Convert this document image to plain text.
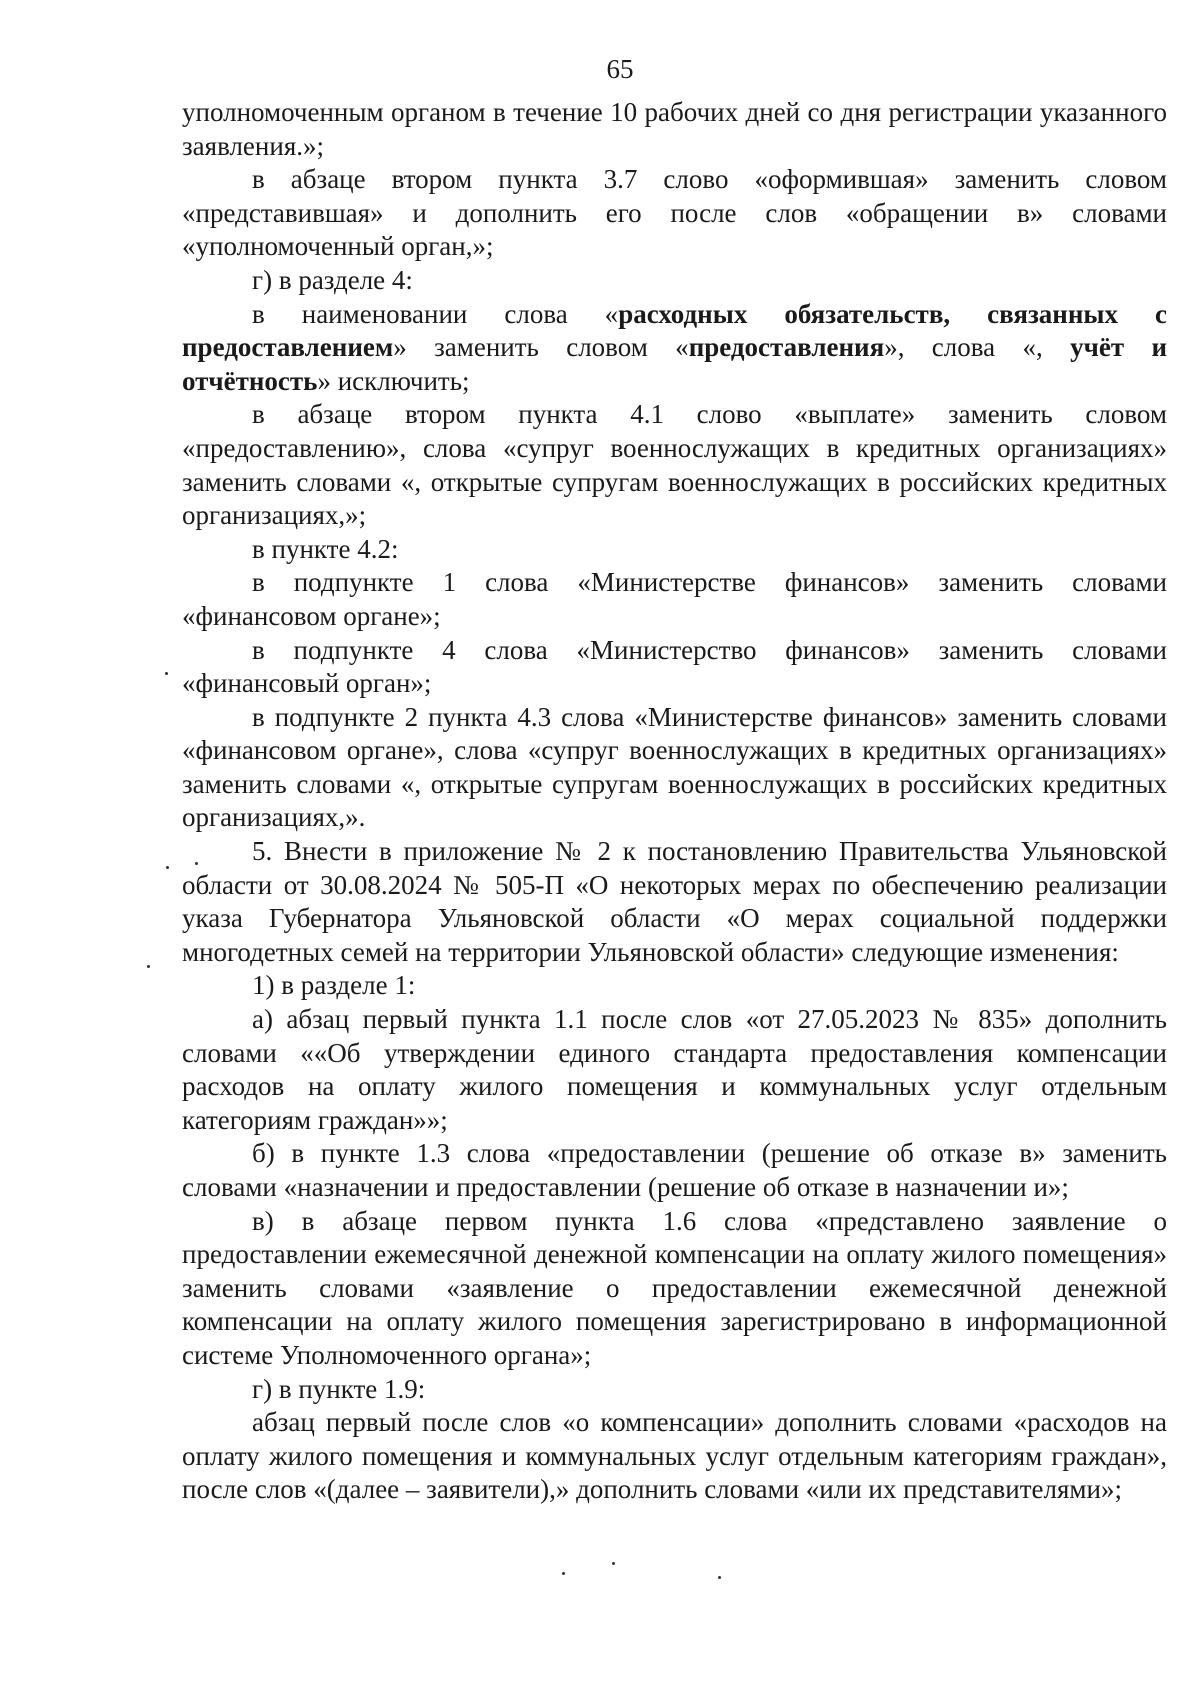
65

уполномоченным органом в течение 10 рабочих дней со дня регистрации указанного заявления.»;

в абзаце втором пункта 3.7 слово «оформившая» заменить словом «представившая» и дополнить его после слов «обращении в» словами «уполномоченный орган,»;

г) в разделе 4:

в наименовании слова «расходных обязательств, связанных с предоставлением» заменить словом «предоставления», слова «, учёт и отчётность» исключить;

в абзаце втором пункта 4.1 слово «выплате» заменить словом «предоставлению», слова «супруг военнослужащих в кредитных организациях» заменить словами «, открытые супругам военнослужащих в российских кредитных организациях,»;

в пункте 4.2:

в подпункте 1 слова «Министерстве финансов» заменить словами «финансовом органе»;

в подпункте 4 слова «Министерство финансов» заменить словами «финансовый орган»;

в подпункте 2 пункта 4.3 слова «Министерстве финансов» заменить словами «финансовом органе», слова «супруг военнослужащих в кредитных организациях» заменить словами «, открытые супругам военнослужащих в российских кредитных организациях,».

5. Внести в приложение № 2 к постановлению Правительства Ульяновской области от 30.08.2024 № 505-П «О некоторых мерах по обеспечению реализации указа Губернатора Ульяновской области «О мерах социальной поддержки многодетных семей на территории Ульяновской области» следующие изменения:

1) в разделе 1:

а) абзац первый пункта 1.1 после слов «от 27.05.2023 № 835» дополнить словами ««Об утверждении единого стандарта предоставления компенсации расходов на оплату жилого помещения и коммунальных услуг отдельным категориям граждан»»;

б) в пункте 1.3 слова «предоставлении (решение об отказе в» заменить словами «назначении и предоставлении (решение об отказе в назначении и»;

в) в абзаце первом пункта 1.6 слова «представлено заявление о предоставлении ежемесячной денежной компенсации на оплату жилого помещения» заменить словами «заявление о предоставлении ежемесячной денежной компенсации на оплату жилого помещения зарегистрировано в информационной системе Уполномоченного органа»;

г) в пункте 1.9:

абзац первый после слов «о компенсации» дополнить словами «расходов на оплату жилого помещения и коммунальных услуг отдельным категориям граждан», после слов «(далее – заявители),» дополнить словами «или их представителями»;
